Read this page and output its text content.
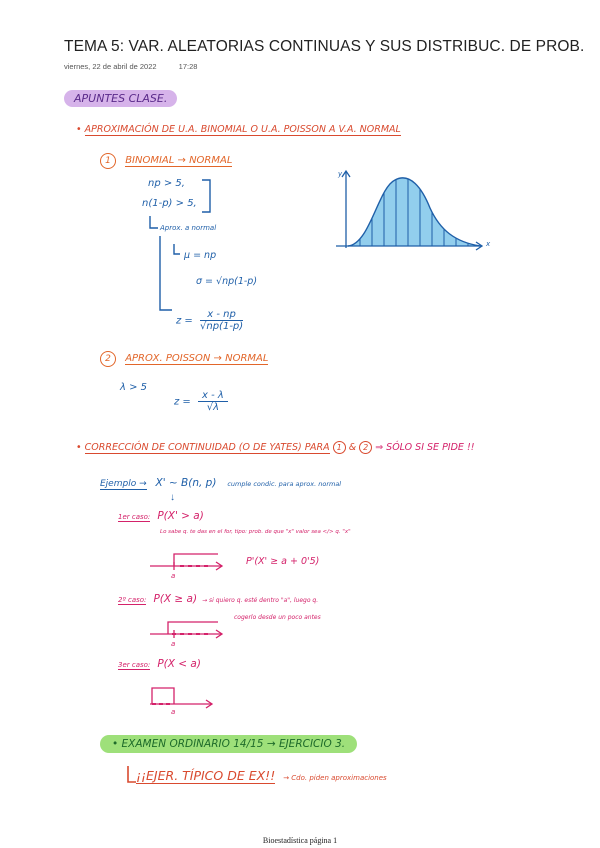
TEMA 5: VAR. ALEATORIAS CONTINUAS Y SUS DISTRIBUC. DE PROB.
viernes, 22 de abril de 2022	17:28
APUNTES CLASE.
• APROXIMACIÓN DE U.A. BINOMIAL O U.A. POISSON A V.A. NORMAL
1 BINOMIAL → NORMAL
np > 5,
n(1-p) > 5,
Aprox. a normal
μ = np
σ = √np(1-p)
$z = \frac{x - np}{√np(1-p)}$
y
x
2 APROX. POISSON → NORMAL
λ > 5
$z = \frac{x - \lambda}{√\lambda}$
• CORRECCIÓN DE CONTINUIDAD (O DE YATES) PARA 1 & 2 ⇒ SÓLO SI SE PIDE !!
Ejemplo → X' ~ B(n, p) cumple condic. para aprox. normal
↓
1er caso: P(X' > a)
Lo sabe q. te das en el for, tipo: prob. de que "x" valor sea </> q. "x"
a
P'(X' ≥ a + 0'5)
2º caso: P(X ≥ a) → si quiero q. esté dentro "a", luego q.
cogerlo desde un poco antes
a
3er caso: P(X < a)
a
• EXAMEN ORDINARIO 14/15 → EJERCICIO 3.
¡¡EJER. TÍPICO DE EX!! → Cdo. piden aproximaciones
Bioestadística página 1
